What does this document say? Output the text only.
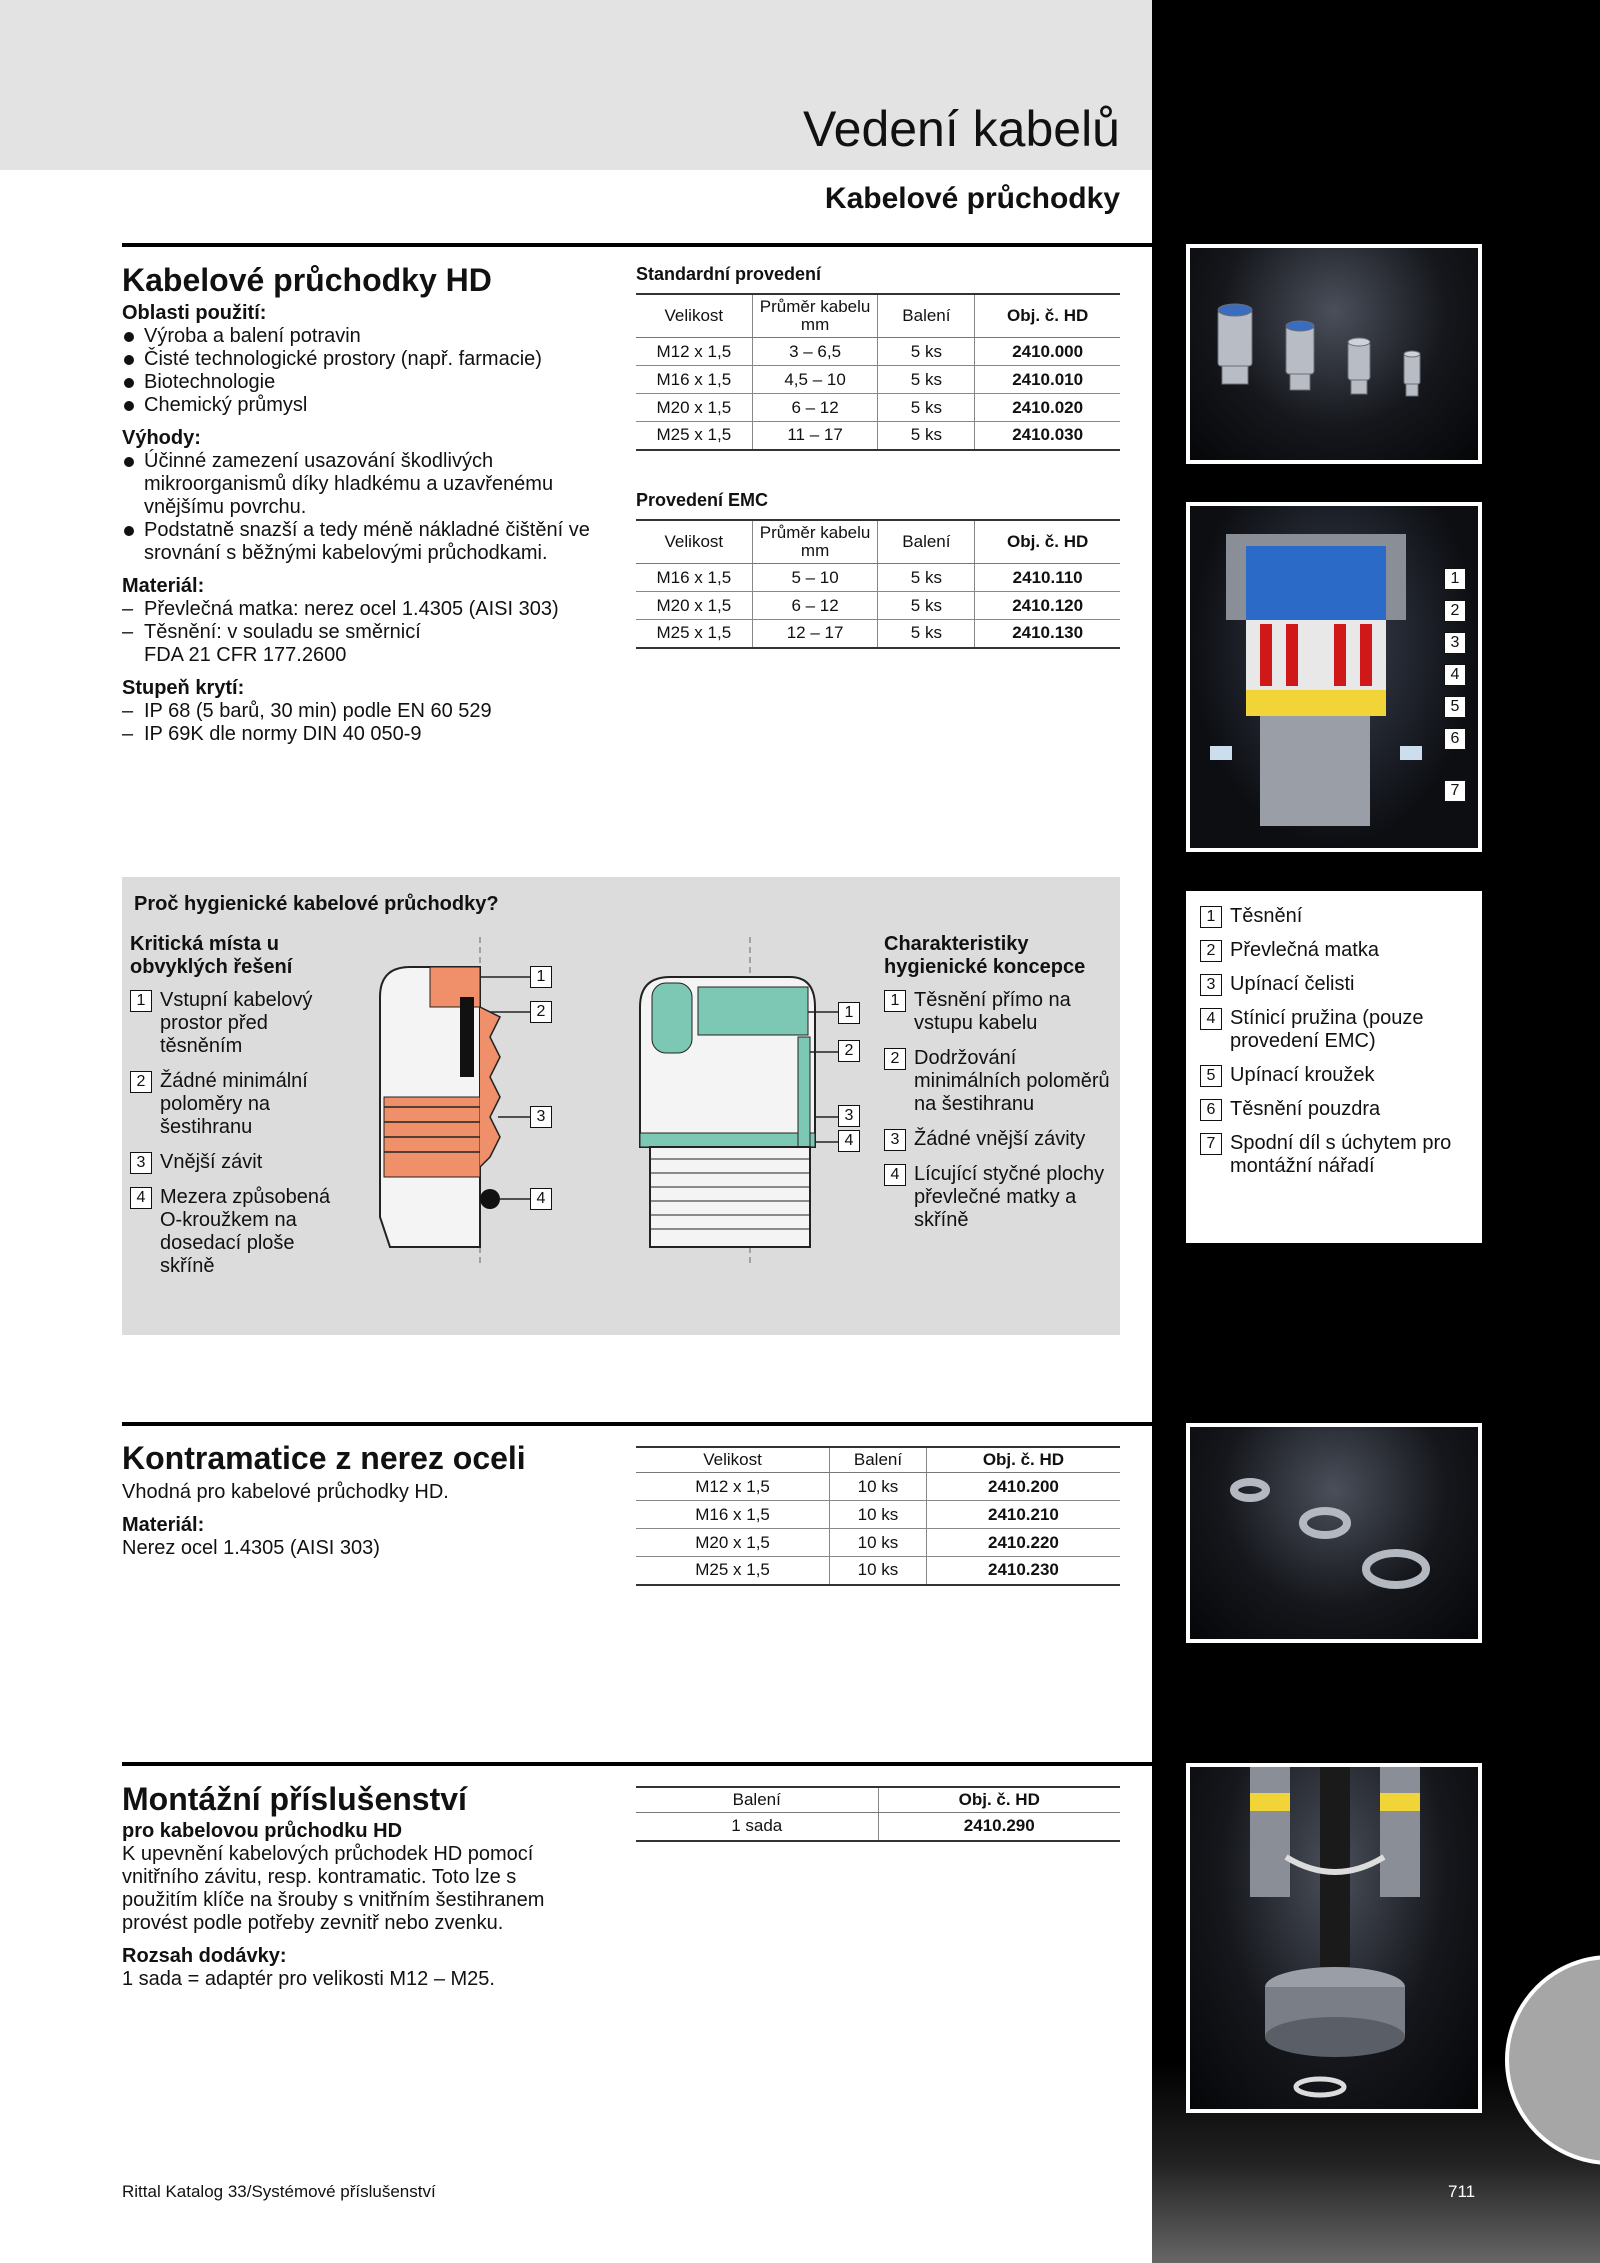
Vedení kabelů
Kabelové průchodky
Kabelové průchodky HD
Oblasti použití:
Výroba a balení potravin
Čisté technologické prostory (např. farmacie)
Biotechnologie
Chemický průmysl
Výhody:
Účinné zamezení usazování škodlivých mikroorganismů díky hladkému a uzavřenému vnějšímu povrchu.
Podstatně snazší a tedy méně nákladné čištění ve srovnání s běžnými kabelovými průchodkami.
Materiál:
– Převlečná matka: nerez ocel 1.4305 (AISI 303)
– Těsnění: v souladu se směrnicí FDA 21 CFR 177.2600
Stupeň krytí:
– IP 68 (5 barů, 30 min) podle EN 60 529
– IP 69K dle normy DIN 40 050-9
Standardní provedení
Velikost	Průměr kabelu mm	Balení	Obj. č. HD
M12 x 1,5	3 – 6,5	5 ks	2410.000
M16 x 1,5	4,5 – 10	5 ks	2410.010
M20 x 1,5	6 – 12	5 ks	2410.020
M25 x 1,5	11 – 17	5 ks	2410.030
Provedení EMC
Velikost	Průměr kabelu mm	Balení	Obj. č. HD
M16 x 1,5	5 – 10	5 ks	2410.110
M20 x 1,5	6 – 12	5 ks	2410.120
M25 x 1,5	12 – 17	5 ks	2410.130
1
2
3
4
5
6
7
Proč hygienické kabelové průchodky?
Kritická místa u obvyklých řešení
1 Vstupní kabelový prostor před těsněním
2 Žádné minimální poloměry na šestihranu
3 Vnější závit
4 Mezera způsobená O-kroužkem na dosedací ploše skříně
1
2
3
4
1
2
3
4
Charakteristiky hygienické koncepce
1 Těsnění přímo na vstupu kabelu
2 Dodržování minimálních poloměrů na šestihranu
3 Žádné vnější závity
4 Lícující styčné plochy převlečné matky a skříně
1 Těsnění
2 Převlečná matka
3 Upínací čelisti
4 Stínicí pružina (pouze provedení EMC)
5 Upínací kroužek
6 Těsnění pouzdra
7 Spodní díl s úchytem pro montážní nářadí
Kontramatice z nerez oceli
Vhodná pro kabelové průchodky HD.
Materiál:
Nerez ocel 1.4305 (AISI 303)
Velikost	Balení	Obj. č. HD
M12 x 1,5	10 ks	2410.200
M16 x 1,5	10 ks	2410.210
M20 x 1,5	10 ks	2410.220
M25 x 1,5	10 ks	2410.230
Montážní příslušenství
pro kabelovou průchodku HD
K upevnění kabelových průchodek HD pomocí vnitřního závitu, resp. kontramatic. Toto lze s použitím klíče na šrouby s vnitřním šestihranem provést podle potřeby zevnitř nebo zvenku.
Rozsah dodávky:
1 sada = adaptér pro velikosti M12 – M25.
Balení	Obj. č. HD
1 sada	2410.290
Rittal Katalog 33/Systémové příslušenství	711
